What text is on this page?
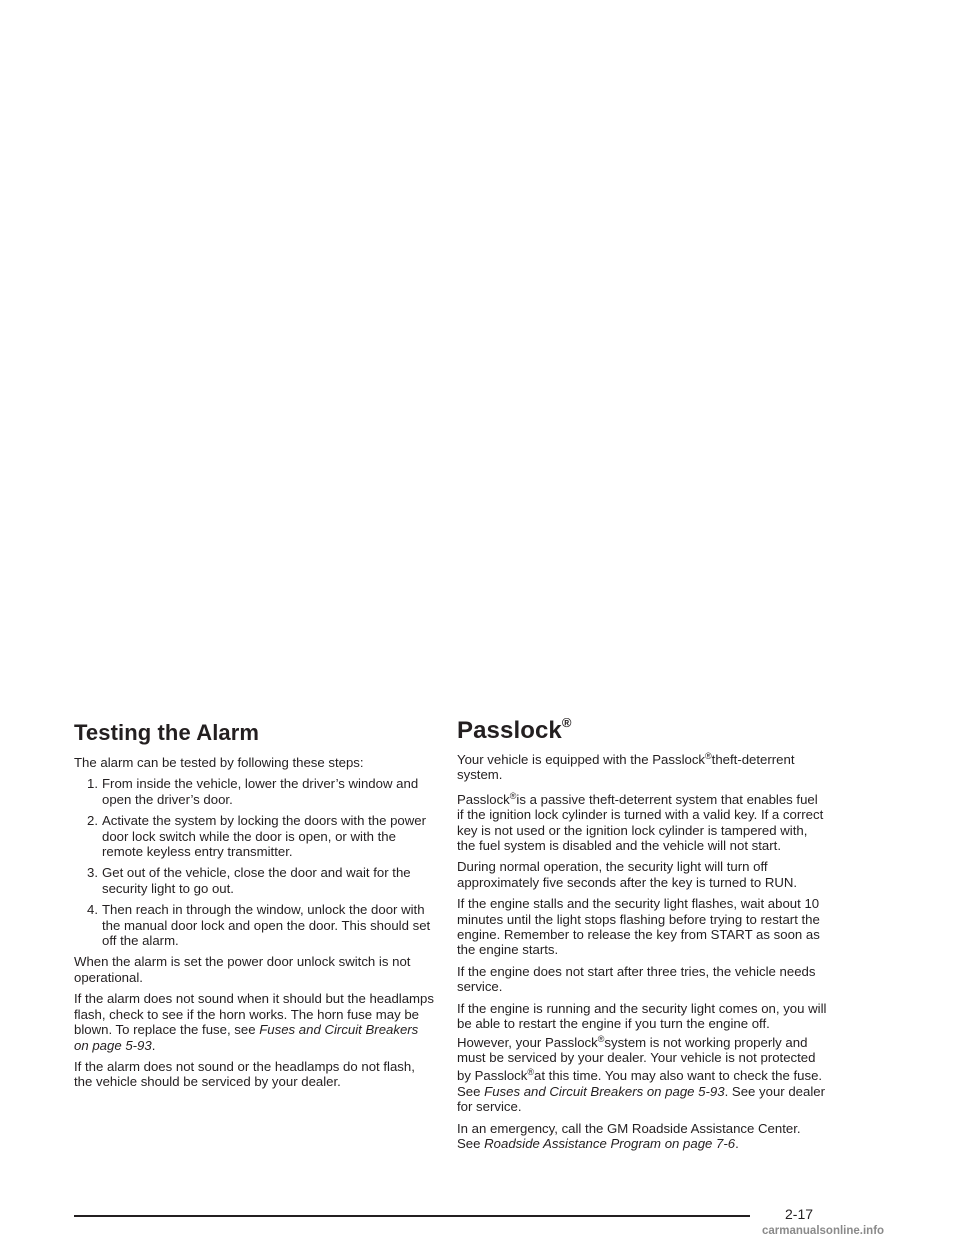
Testing the Alarm

The alarm can be tested by following these steps:

1. From inside the vehicle, lower the driver’s window and open the driver’s door.
2. Activate the system by locking the doors with the power door lock switch while the door is open, or with the remote keyless entry transmitter.
3. Get out of the vehicle, close the door and wait for the security light to go out.
4. Then reach in through the window, unlock the door with the manual door lock and open the door. This should set off the alarm.

When the alarm is set the power door unlock switch is not operational.

If the alarm does not sound when it should but the headlamps flash, check to see if the horn works. The horn fuse may be blown. To replace the fuse, see Fuses and Circuit Breakers on page 5-93.

If the alarm does not sound or the headlamps do not flash, the vehicle should be serviced by your dealer.

Passlock®

Your vehicle is equipped with the Passlock®theft-deterrent system.

Passlock®is a passive theft-deterrent system that enables fuel if the ignition lock cylinder is turned with a valid key. If a correct key is not used or the ignition lock cylinder is tampered with, the fuel system is disabled and the vehicle will not start.

During normal operation, the security light will turn off approximately five seconds after the key is turned to RUN.

If the engine stalls and the security light flashes, wait about 10 minutes until the light stops flashing before trying to restart the engine. Remember to release the key from START as soon as the engine starts.

If the engine does not start after three tries, the vehicle needs service.

If the engine is running and the security light comes on, you will be able to restart the engine if you turn the engine off. However, your Passlock®system is not working properly and must be serviced by your dealer. Your vehicle is not protected by Passlock®at this time. You may also want to check the fuse. See Fuses and Circuit Breakers on page 5-93. See your dealer for service.

In an emergency, call the GM Roadside Assistance Center. See Roadside Assistance Program on page 7-6.

2-17
carmanualsonline.info
